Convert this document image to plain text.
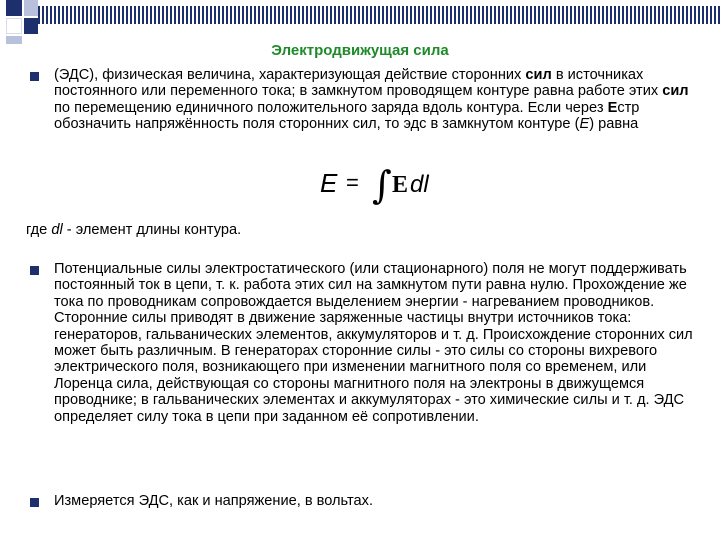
Электродвижущая сила

(ЭДС), физическая величина, характеризующая действие сторонних сил в источниках постоянного или переменного тока; в замкнутом проводящем контуре равна работе этих сил по перемещению единичного положительного заряда вдоль контура. Если через Естр обозначить напряжённость поля сторонних сил, то эдс в замкнутом контуре (E) равна

E = ∫ E dl

где dl - элемент длины контура.

Потенциальные силы электростатического (или стационарного) поля не могут поддерживать постоянный ток в цепи, т. к. работа этих сил на замкнутом пути равна нулю. Прохождение же тока по проводникам сопровождается выделением энергии - нагреванием проводников. Сторонние силы приводят в движение заряженные частицы внутри источников тока: генераторов, гальванических элементов, аккумуляторов и т. д. Происхождение сторонних сил может быть различным. В генераторах сторонние силы - это силы со стороны вихревого электрического поля, возникающего при изменении магнитного поля со временем, или Лоренца сила, действующая со стороны магнитного поля на электроны в движущемся проводнике; в гальванических элементах и аккумуляторах - это химические силы и т. д. ЭДС определяет силу тока в цепи при заданном её сопротивлении.

Измеряется ЭДС, как и напряжение, в вольтах.
